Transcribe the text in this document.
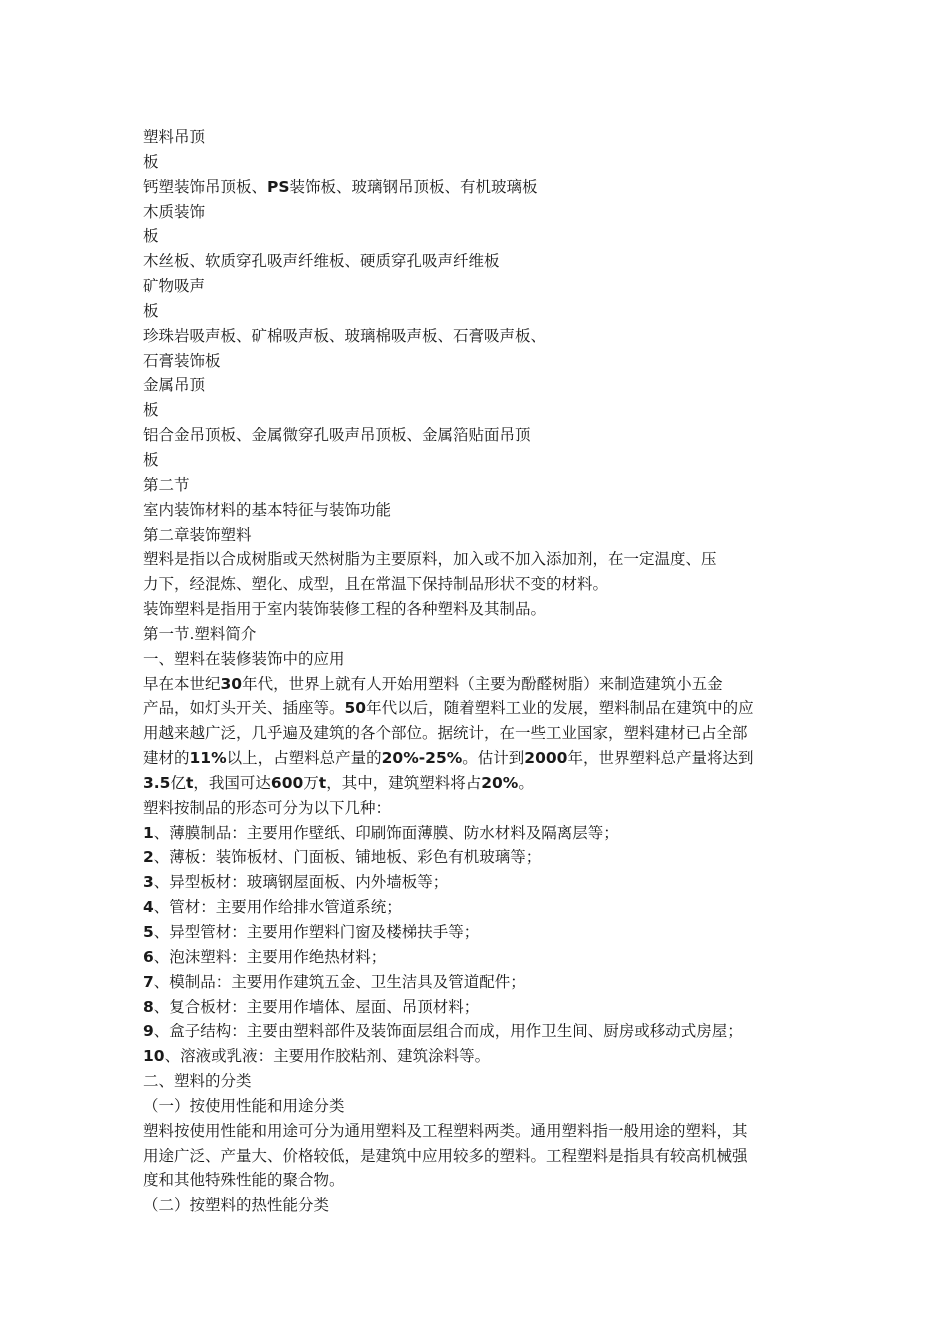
塑料吊顶
板
钙塑装饰吊顶板、PS装饰板、玻璃钢吊顶板、有机玻璃板
木质装饰
板
木丝板、软质穿孔吸声纤维板、硬质穿孔吸声纤维板
矿物吸声
板
珍珠岩吸声板、矿棉吸声板、玻璃棉吸声板、石膏吸声板、
石膏装饰板
金属吊顶
板
铝合金吊顶板、金属微穿孔吸声吊顶板、金属箔贴面吊顶
板
第二节
室内装饰材料的基本特征与装饰功能
第二章装饰塑料
塑料是指以合成树脂或天然树脂为主要原料，加入或不加入添加剂，在一定温度、压
力下，经混炼、塑化、成型，且在常温下保持制品形状不变的材料。
装饰塑料是指用于室内装饰装修工程的各种塑料及其制品。
第一节.塑料简介
一、塑料在装修装饰中的应用
早在本世纪30年代，世界上就有人开始用塑料（主要为酚醛树脂）来制造建筑小五金
产品，如灯头开关、插座等。50年代以后，随着塑料工业的发展，塑料制品在建筑中的应
用越来越广泛，几乎遍及建筑的各个部位。据统计，在一些工业国家，塑料建材已占全部
建材的11%以上，占塑料总产量的20%-25%。估计到2000年，世界塑料总产量将达到
3.5亿t，我国可达600万t，其中，建筑塑料将占20%。
塑料按制品的形态可分为以下几种：
1、薄膜制品：主要用作壁纸、印刷饰面薄膜、防水材料及隔离层等；
2、薄板：装饰板材、门面板、铺地板、彩色有机玻璃等；
3、异型板材：玻璃钢屋面板、内外墙板等；
4、管材：主要用作给排水管道系统；
5、异型管材：主要用作塑料门窗及楼梯扶手等；
6、泡沫塑料：主要用作绝热材料；
7、模制品：主要用作建筑五金、卫生洁具及管道配件；
8、复合板材：主要用作墙体、屋面、吊顶材料；
9、盒子结构：主要由塑料部件及装饰面层组合而成，用作卫生间、厨房或移动式房屋；
10、溶液或乳液：主要用作胶粘剂、建筑涂料等。
二、塑料的分类
（一）按使用性能和用途分类
塑料按使用性能和用途可分为通用塑料及工程塑料两类。通用塑料指一般用途的塑料，其
用途广泛、产量大、价格较低，是建筑中应用较多的塑料。工程塑料是指具有较高机械强
度和其他特殊性能的聚合物。
（二）按塑料的热性能分类
